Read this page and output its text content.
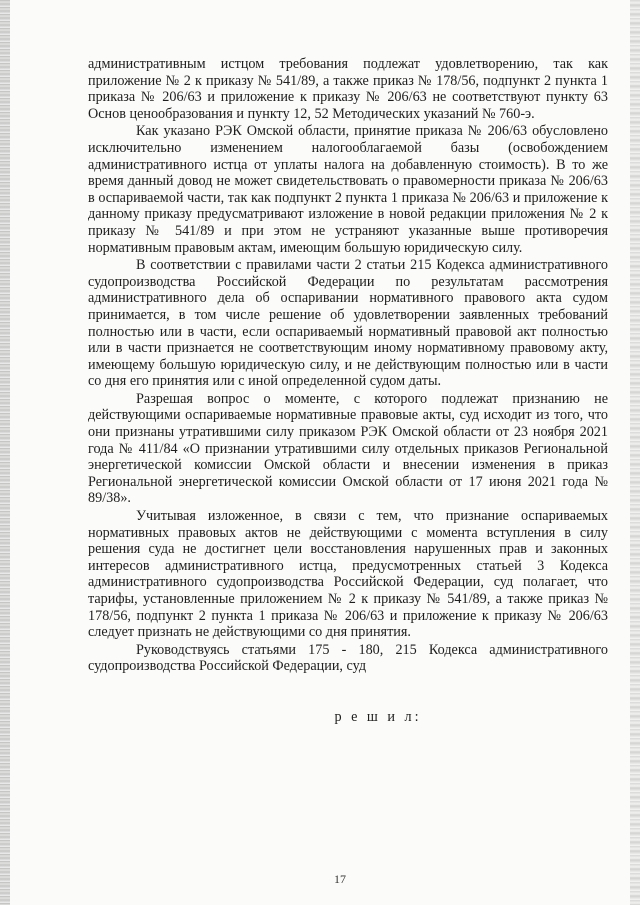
административным истцом требования подлежат удовлетворению, так как приложение № 2 к приказу № 541/89, а также приказ № 178/56, подпункт 2 пункта 1 приказа № 206/63 и приложение к приказу № 206/63 не соответствуют пункту 63 Основ ценообразования и пункту 12, 52 Методических указаний № 760-э.

Как указано РЭК Омской области, принятие приказа № 206/63 обусловлено исключительно изменением налогооблагаемой базы (освобождением административного истца от уплаты налога на добавленную стоимость). В то же время данный довод не может свидетельствовать о правомерности приказа № 206/63 в оспариваемой части, так как подпункт 2 пункта 1 приказа № 206/63 и приложение к данному приказу предусматривают изложение в новой редакции приложения № 2 к приказу № 541/89 и при этом не устраняют указанные выше противоречия нормативным правовым актам, имеющим большую юридическую силу.

В соответствии с правилами части 2 статьи 215 Кодекса административного судопроизводства Российской Федерации по результатам рассмотрения административного дела об оспаривании нормативного правового акта судом принимается, в том числе решение об удовлетворении заявленных требований полностью или в части, если оспариваемый нормативный правовой акт полностью или в части признается не соответствующим иному нормативному правовому акту, имеющему большую юридическую силу, и не действующим полностью или в части со дня его принятия или с иной определенной судом даты.

Разрешая вопрос о моменте, с которого подлежат признанию не действующими оспариваемые нормативные правовые акты, суд исходит из того, что они признаны утратившими силу приказом РЭК Омской области от 23 ноября 2021 года № 411/84 «О признании утратившими силу отдельных приказов Региональной энергетической комиссии Омской области и внесении изменения в приказ Региональной энергетической комиссии Омской области от 17 июня 2021 года № 89/38».

Учитывая изложенное, в связи с тем, что признание оспариваемых нормативных правовых актов не действующими с момента вступления в силу решения суда не достигнет цели восстановления нарушенных прав и законных интересов административного истца, предусмотренных статьей 3 Кодекса административного судопроизводства Российской Федерации, суд полагает, что тарифы, установленные приложением № 2 к приказу № 541/89, а также приказ № 178/56, подпункт 2 пункта 1 приказа № 206/63 и приложение к приказу № 206/63 следует признать не действующими со дня принятия.

Руководствуясь статьями 175 - 180, 215 Кодекса административного судопроизводства Российской Федерации, суд

р е ш и л:

17
